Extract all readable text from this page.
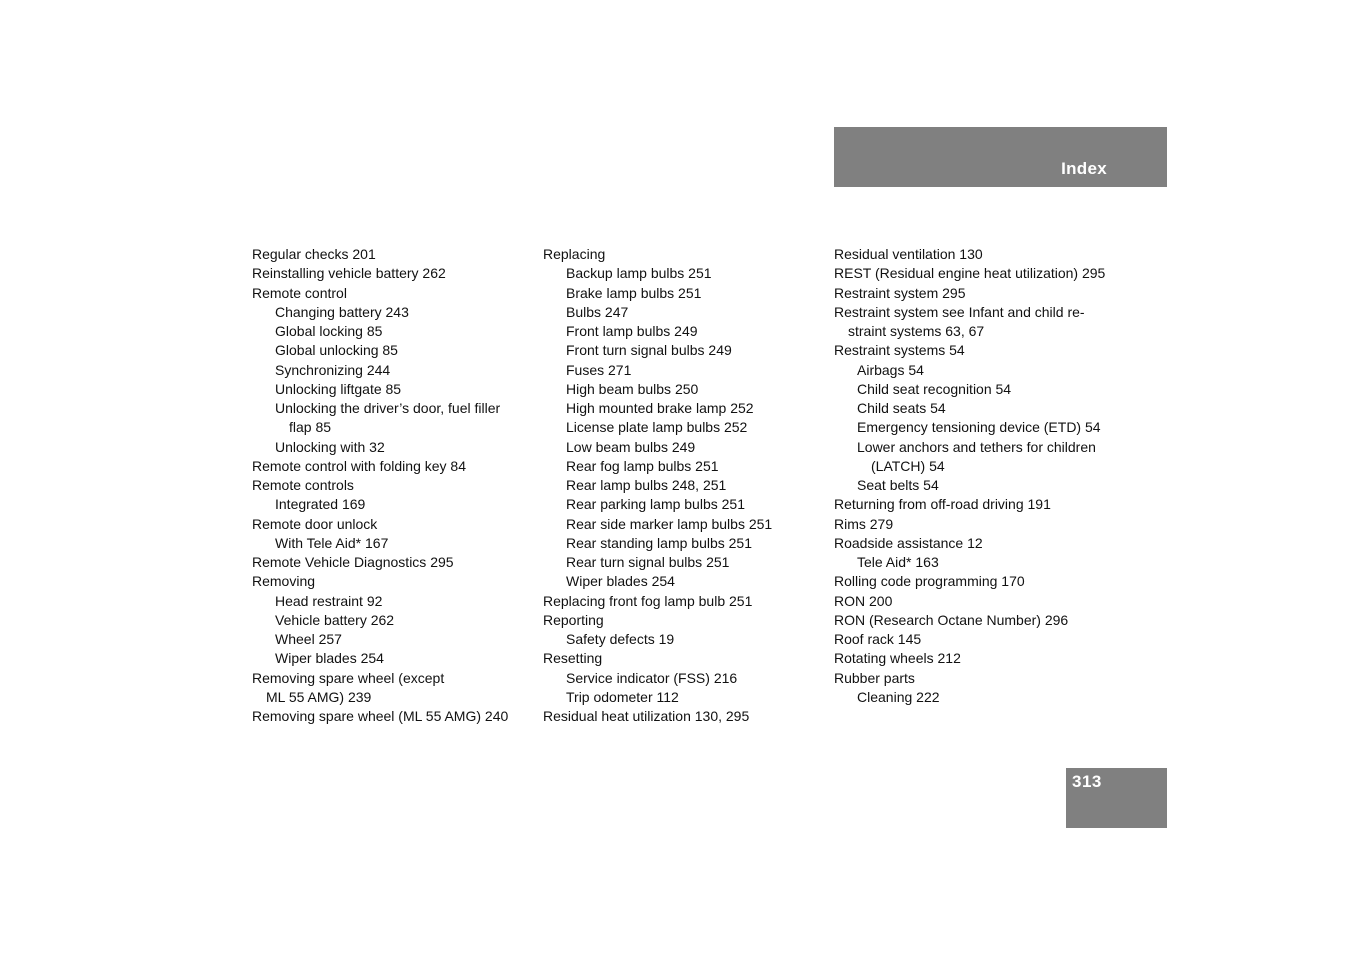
Index
Regular checks 201
Reinstalling vehicle battery 262
Remote control
Changing battery 243
Global locking 85
Global unlocking 85
Synchronizing 244
Unlocking liftgate 85
Unlocking the driver’s door, fuel filler
flap 85
Unlocking with 32
Remote control with folding key 84
Remote controls
Integrated 169
Remote door unlock
With Tele Aid* 167
Remote Vehicle Diagnostics 295
Removing
Head restraint 92
Vehicle battery 262
Wheel 257
Wiper blades 254
Removing spare wheel (except
ML 55 AMG) 239
Removing spare wheel (ML 55 AMG) 240
Replacing
Backup lamp bulbs 251
Brake lamp bulbs 251
Bulbs 247
Front lamp bulbs 249
Front turn signal bulbs 249
Fuses 271
High beam bulbs 250
High mounted brake lamp 252
License plate lamp bulbs 252
Low beam bulbs 249
Rear fog lamp bulbs 251
Rear lamp bulbs 248, 251
Rear parking lamp bulbs 251
Rear side marker lamp bulbs 251
Rear standing lamp bulbs 251
Rear turn signal bulbs 251
Wiper blades 254
Replacing front fog lamp bulb 251
Reporting
Safety defects 19
Resetting
Service indicator (FSS) 216
Trip odometer 112
Residual heat utilization 130, 295
Residual ventilation 130
REST (Residual engine heat utilization) 295
Restraint system 295
Restraint system see Infant and child re-
straint systems 63, 67
Restraint systems 54
Airbags 54
Child seat recognition 54
Child seats 54
Emergency tensioning device (ETD) 54
Lower anchors and tethers for children
(LATCH) 54
Seat belts 54
Returning from off-road driving 191
Rims 279
Roadside assistance 12
Tele Aid* 163
Rolling code programming 170
RON 200
RON (Research Octane Number) 296
Roof rack 145
Rotating wheels 212
Rubber parts
Cleaning 222
313
